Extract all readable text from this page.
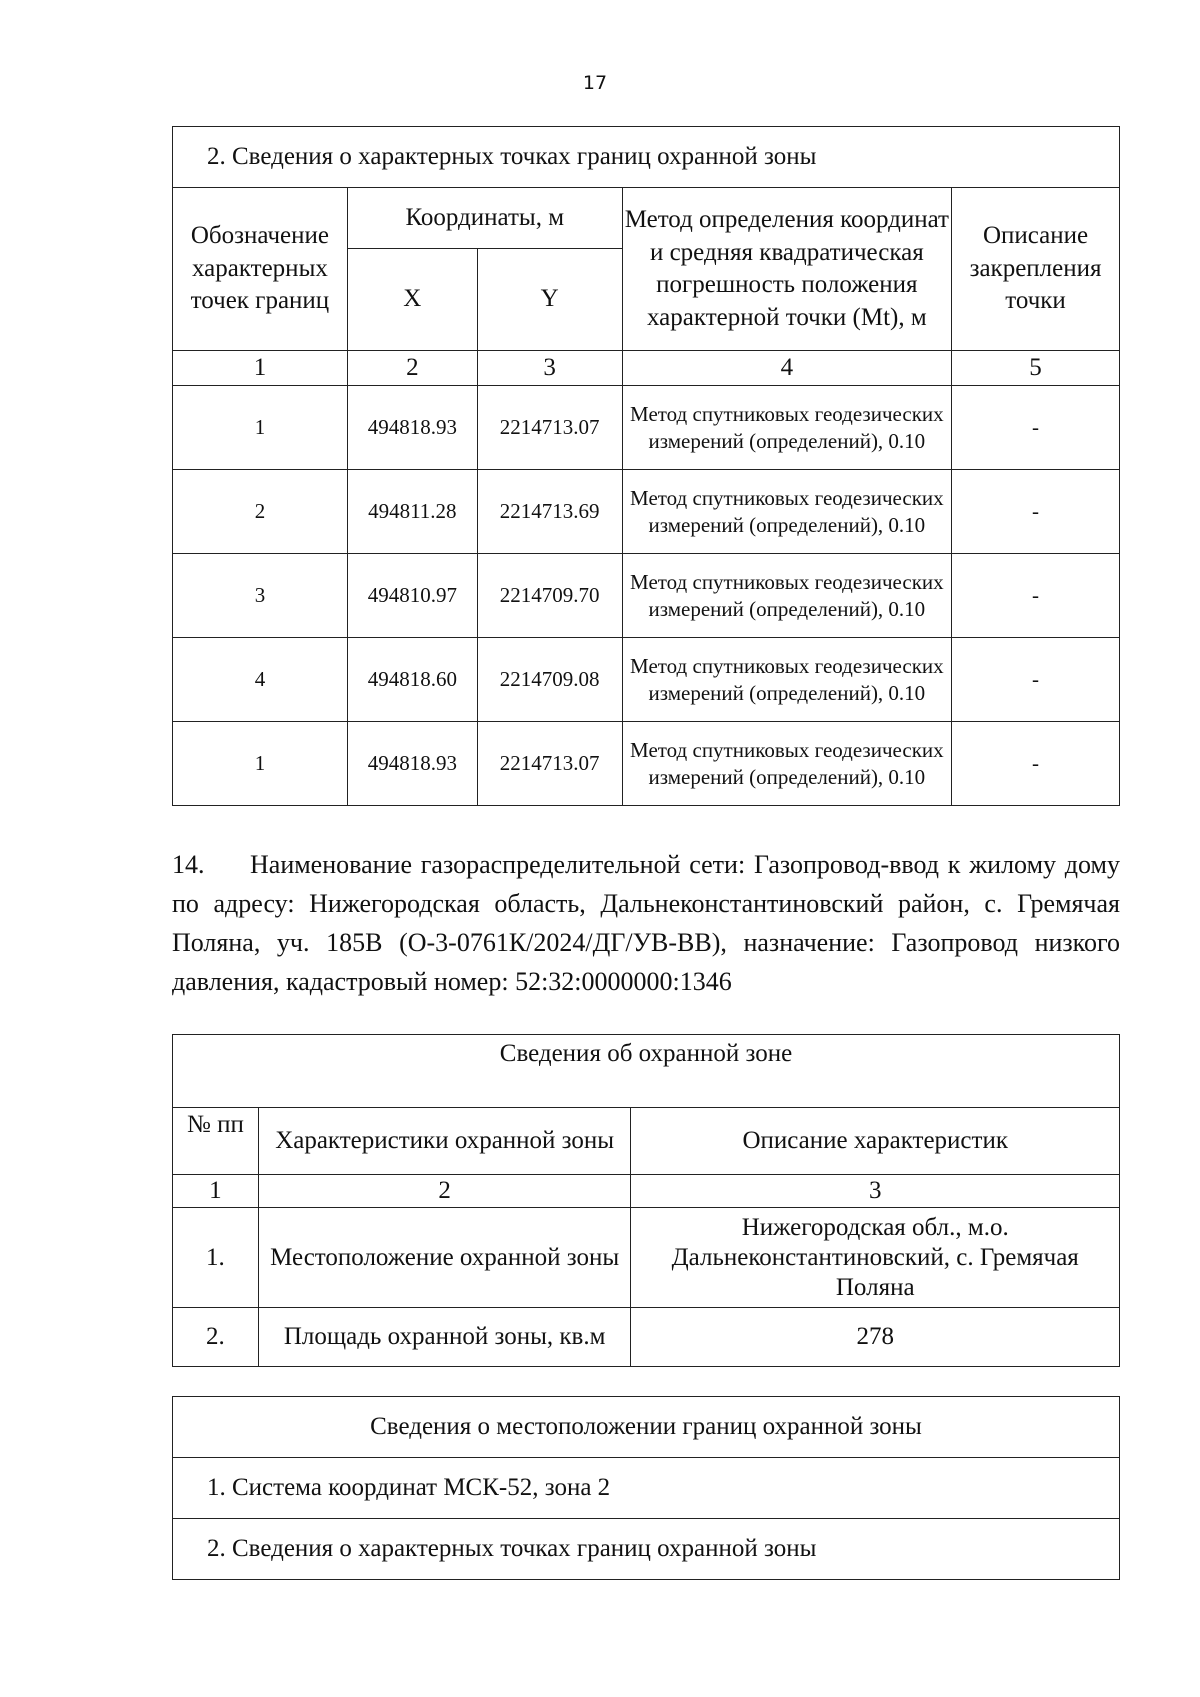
17
2. Сведения о характерных точках границ охранной зоны				
Обозначение характерных точек границ	Координаты, м		Метод определения координат и средняя квадратическая погрешность положения характерной точки (Mt), м	Описание закрепления точки
	X	Y		
1	2	3	4	5
1	494818.93	2214713.07	Метод спутниковых геодезических измерений (определений), 0.10	-
2	494811.28	2214713.69	Метод спутниковых геодезических измерений (определений), 0.10	-
3	494810.97	2214709.70	Метод спутниковых геодезических измерений (определений), 0.10	-
4	494818.60	2214709.08	Метод спутниковых геодезических измерений (определений), 0.10	-
1	494818.93	2214713.07	Метод спутниковых геодезических измерений (определений), 0.10	-
14. Наименование газораспределительной сети: Газопровод-ввод к жилому дому по адресу: Нижегородская область, Дальнеконстантиновский район, с. Гремячая Поляна, уч. 185В (О-3-0761К/2024/ДГ/УВ-ВВ), назначение: Газопровод низкого давления, кадастровый номер: 52:32:0000000:1346
Сведения об охранной зоне		
№ пп	Характеристики охранной зоны	Описание характеристик
1	2	3
1.	Местоположение охранной зоны	Нижегородская обл., м.о. Дальнеконстантиновский, с. Гремячая Поляна
2.	Площадь охранной зоны, кв.м	278
Сведения о местоположении границ охранной зоны
1. Система координат МСК-52, зона 2
2. Сведения о характерных точках границ охранной зоны
